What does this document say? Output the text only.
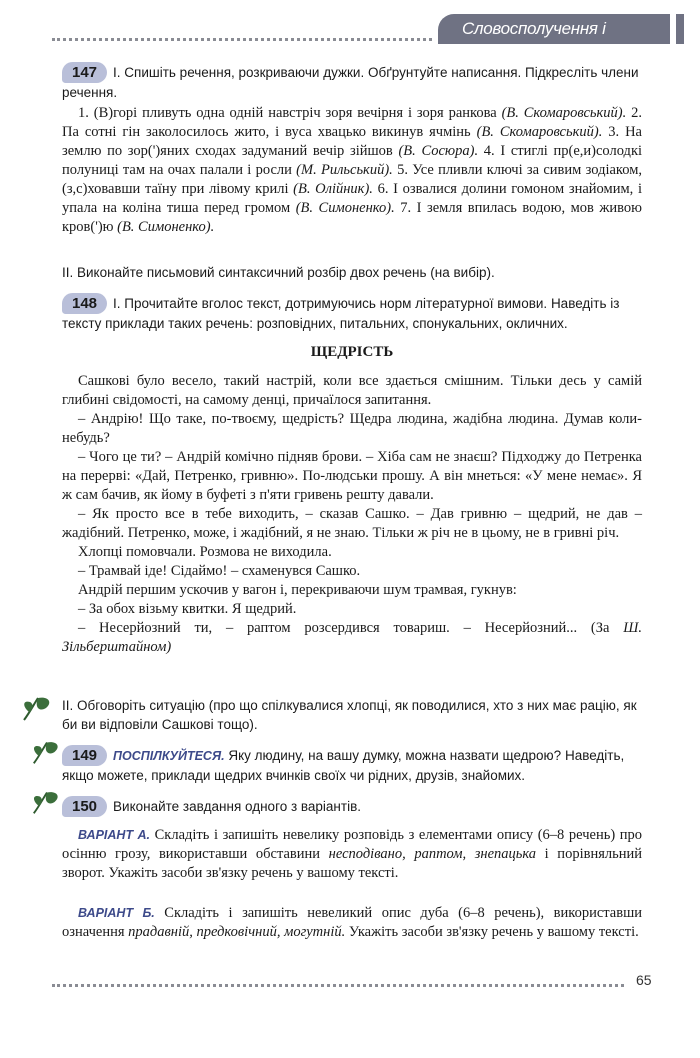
Словосполучення і речення
147 І. Спишіть речення, розкриваючи дужки. Обґрунтуйте написання. Підкресліть члени речення.

1. (В)горі пливуть одна одній навстріч зоря вечірня і зоря ранкова (В. Скомаровський). 2. Па сотні гін заколосилось жито, і вуса хвацько викинув ячмінь (В. Скомаровський). 3. На землю по зор(')яних сходах задуманий вечір зійшов (В. Сосюра). 4. І стиглі пр(е,и)солодкі полуниці там на очах палали і росли (М. Рильський). 5. Усе пливли ключі за сивим зодіаком, (з,с)ховавши таїну при лівому крилі (В. Олійник). 6. І озвалися долини гомоном знайомим, і упала на коліна тиша перед громом (В. Симоненко). 7. І земля впилась водою, мов живою кров(')ю (В. Симоненко).

ІІ. Виконайте письмовий синтаксичний розбір двох речень (на вибір).
148 І. Прочитайте вголос текст, дотримуючись норм літературної вимови. Наведіть із тексту приклади таких речень: розповідних, питальних, спонукальних, окличних.
ЩЕДРІСТЬ

Сашкові було весело, такий настрій, коли все здається смішним. Тільки десь у самій глибині свідомості, на самому денці, причаїлося запитання.

– Андрію! Що таке, по-твоєму, щедрість? Щедра людина, жадібна людина. Думав коли-небудь?

– Чого це ти? – Андрій комічно підняв брови. – Хіба сам не знаєш? Підходжу до Петренка на перерві: «Дай, Петренко, гривню». По-людськи прошу. А він мнеться: «У мене немає». Я ж сам бачив, як йому в буфеті з п'яти гривень решту давали.

– Як просто все в тебе виходить, – сказав Сашко. – Дав гривню – щедрий, не дав – жадібний. Петренко, може, і жадібний, я не знаю. Тільки ж річ не в цьому, не в гривні річ.

Хлопці помовчали. Розмова не виходила.

– Трамвай іде! Сідаймо! – схаменувся Сашко.

Андрій першим ускочив у вагон і, перекриваючи шум трамвая, гукнув:

– За обох візьму квитки. Я щедрий.

– Несерйозний ти, – раптом розсердився товариш. – Несерйозний... (За Ш. Зільберштайном)

ІІ. Обговоріть ситуацію (про що спілкувалися хлопці, як поводилися, хто з них має рацію, як би ви відповіли Сашкові тощо).
149 ПОСПІЛКУЙТЕСЯ. Яку людину, на вашу думку, можна назвати щедрою? Наведіть, якщо можете, приклади щедрих вчинків своїх чи рідних, друзів, знайомих.
150 Виконайте завдання одного з варіантів.

ВАРІАНТ А. Складіть і запишіть невелику розповідь з елементами опису (6–8 речень) про осінню грозу, використавши обставини несподівано, раптом, знenацька і порівняльний зворот. Укажіть засоби зв'язку речень у вашому тексті.

ВАРІАНТ Б. Складіть і запишіть невеликий опис дуба (6–8 речень), використавши означення прадавній, предковічний, могутній. Укажіть засоби зв'язку речень у вашому тексті.

65
